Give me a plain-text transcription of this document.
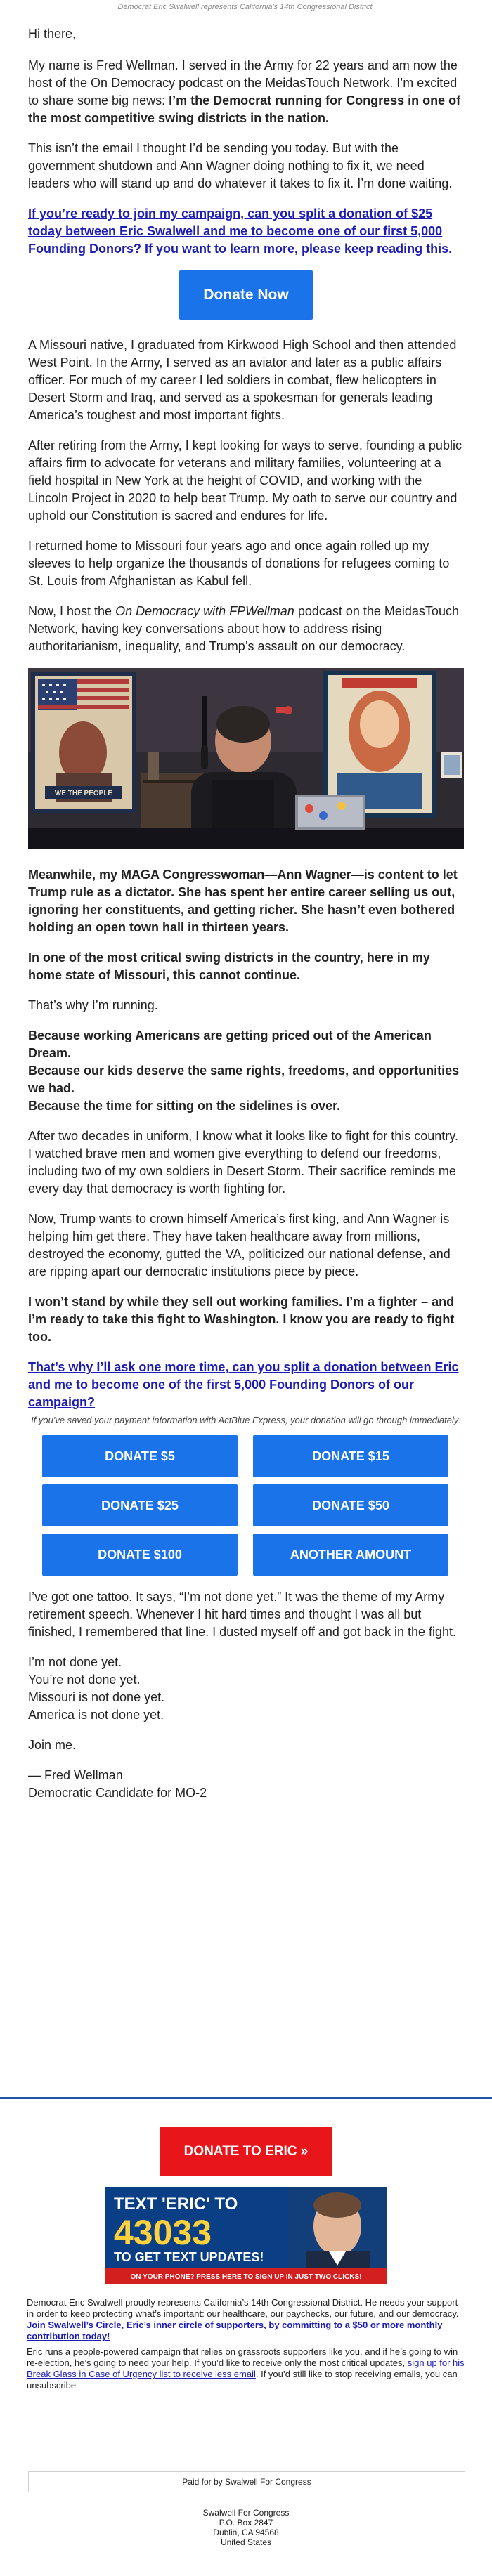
Democrat Eric Swalwell represents California's 14th Congressional District.

Hi there,

My name is Fred Wellman. I served in the Army for 22 years and am now the host of the On Democracy podcast on the MeidasTouch Network. I’m excited to share some big news: I’m the Democrat running for Congress in one of the most competitive swing districts in the nation.

This isn’t the email I thought I’d be sending you today. But with the government shutdown and Ann Wagner doing nothing to fix it, we need leaders who will stand up and do whatever it takes to fix it. I’m done waiting.

If you’re ready to join my campaign, can you split a donation of $25 today between Eric Swalwell and me to become one of our first 5,000 Founding Donors? If you want to learn more, please keep reading this.

Donate Now

A Missouri native, I graduated from Kirkwood High School and then attended West Point. In the Army, I served as an aviator and later as a public affairs officer. For much of my career I led soldiers in combat, flew helicopters in Desert Storm and Iraq, and served as a spokesman for generals leading America’s toughest and most important fights.

After retiring from the Army, I kept looking for ways to serve, founding a public affairs firm to advocate for veterans and military families, volunteering at a field hospital in New York at the height of COVID, and working with the Lincoln Project in 2020 to help beat Trump. My oath to serve our country and uphold our Constitution is sacred and endures for life.

I returned home to Missouri four years ago and once again rolled up my sleeves to help organize the thousands of donations for refugees coming to St. Louis from Afghanistan as Kabul fell.

Now, I host the On Democracy with FPWellman podcast on the MeidasTouch Network, having key conversations about how to address rising authoritarianism, inequality, and Trump’s assault on our democracy.

WE THE PEOPLE

Meanwhile, my MAGA Congresswoman—Ann Wagner—is content to let Trump rule as a dictator. She has spent her entire career selling us out, ignoring her constituents, and getting richer. She hasn’t even bothered holding an open town hall in thirteen years.

In one of the most critical swing districts in the country, here in my home state of Missouri, this cannot continue.

That’s why I’m running.

Because working Americans are getting priced out of the American Dream.
Because our kids deserve the same rights, freedoms, and opportunities we had.
Because the time for sitting on the sidelines is over.

After two decades in uniform, I know what it looks like to fight for this country. I watched brave men and women give everything to defend our freedoms, including two of my own soldiers in Desert Storm. Their sacrifice reminds me every day that democracy is worth fighting for.

Now, Trump wants to crown himself America’s first king, and Ann Wagner is helping him get there. They have taken healthcare away from millions, destroyed the economy, gutted the VA, politicized our national defense, and are ripping apart our democratic institutions piece by piece.

I won’t stand by while they sell out working families. I’m a fighter – and I’m ready to take this fight to Washington. I know you are ready to fight too.

That’s why I’ll ask one more time, can you split a donation between Eric and me to become one of the first 5,000 Founding Donors of our campaign?

If you've saved your payment information with ActBlue Express, your donation will go through immediately:
DONATE $5	DONATE $15
DONATE $25	DONATE $50
DONATE $100	ANOTHER AMOUNT

I’ve got one tattoo. It says, “I’m not done yet.” It was the theme of my Army retirement speech. Whenever I hit hard times and thought I was all but finished, I remembered that line. I dusted myself off and got back in the fight.

I’m not done yet.
You’re not done yet.
Missouri is not done yet.
America is not done yet.

Join me.

— Fred Wellman
Democratic Candidate for MO-2

DONATE TO ERIC »
TEXT 'ERIC' TO
43033
TO GET TEXT UPDATES!
ON YOUR PHONE? PRESS HERE TO SIGN UP IN JUST TWO CLICKS!
Democrat Eric Swalwell proudly represents California’s 14th Congressional District. He needs your support in order to keep protecting what’s important: our healthcare, our paychecks, our future, and our democracy. Join Swalwell’s Circle, Eric’s inner circle of supporters, by committing to a $50 or more monthly contribution today!
Eric runs a people-powered campaign that relies on grassroots supporters like you, and if he’s going to win re-election, he’s going to need your help. If you’d like to receive only the most critical updates, sign up for his Break Glass in Case of Urgency list to receive less email. If you’d still like to stop receiving emails, you can unsubscribe
Paid for by Swalwell For Congress
Swalwell For Congress
P.O. Box 2847
Dublin, CA 94568
United States
